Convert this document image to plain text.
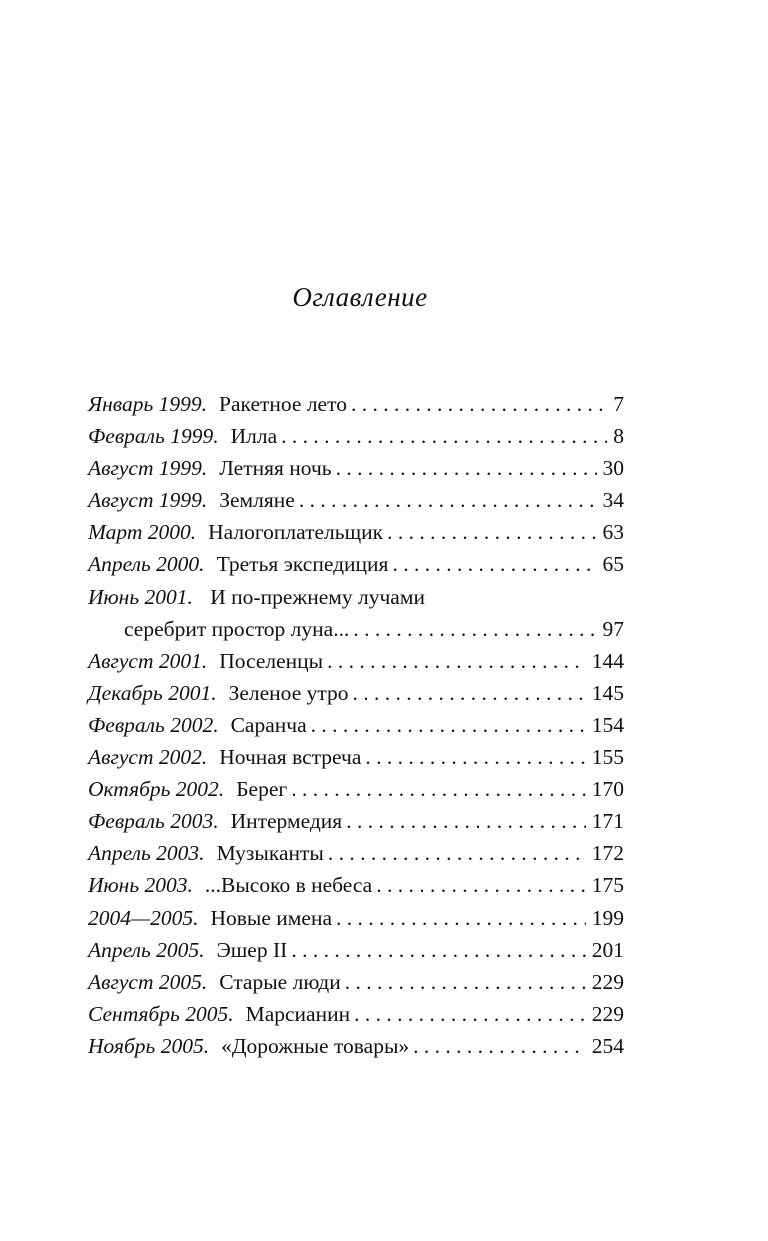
Оглавление
Январь 1999. Ракетное лето . . .	7
Февраль 1999. Илла . . .	8
Август 1999. Летняя ночь . . .	30
Август 1999. Земляне . . .	34
Март 2000. Налогоплательщик . . .	63
Апрель 2000. Третья экспедиция . . .	65
Июнь 2001. И по-прежнему лучами
серебрит простор луна... . . .	97
Август 2001. Поселенцы . . .	144
Декабрь 2001. Зеленое утро . . .	145
Февраль 2002. Саранча . . .	154
Август 2002. Ночная встреча . . .	155
Октябрь 2002. Берег . . .	170
Февраль 2003. Интермедия . . .	171
Апрель 2003. Музыканты . . .	172
Июнь 2003. ...Высоко в небеса . . .	175
2004—2005. Новые имена . . .	199
Апрель 2005. Эшер II . . .	201
Август 2005. Старые люди . . .	229
Сентябрь 2005. Марсианин . . .	229
Ноябрь 2005. «Дорожные товары» . . .	254
